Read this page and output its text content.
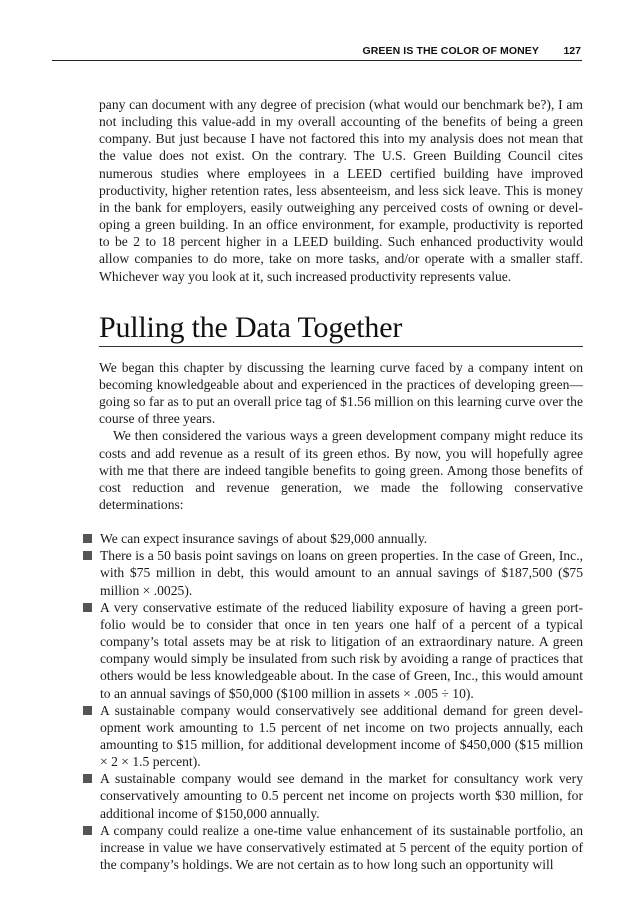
GREEN IS THE COLOR OF MONEY 127

pany can document with any degree of precision (what would our benchmark be?), I am not including this value-add in my overall accounting of the benefits of being a green company. But just because I have not factored this into my analysis does not mean that the value does not exist. On the contrary. The U.S. Green Building Council cites numerous studies where employees in a LEED certified building have improved productivity, higher retention rates, less absenteeism, and less sick leave. This is money in the bank for employers, easily outweighing any perceived costs of owning or developing a green building. In an office environment, for example, productivity is reported to be 2 to 18 percent higher in a LEED building. Such enhanced productivity would allow companies to do more, take on more tasks, and/or operate with a smaller staff. Whichever way you look at it, such increased productivity represents value.

Pulling the Data Together

We began this chapter by discussing the learning curve faced by a company intent on becoming knowledgeable about and experienced in the practices of developing green—going so far as to put an overall price tag of $1.56 million on this learning curve over the course of three years.

We then considered the various ways a green development company might reduce its costs and add revenue as a result of its green ethos. By now, you will hopefully agree with me that there are indeed tangible benefits to going green. Among those benefits of cost reduction and revenue generation, we made the following conservative determinations:

We can expect insurance savings of about $29,000 annually.
There is a 50 basis point savings on loans on green properties. In the case of Green, Inc., with $75 million in debt, this would amount to an annual savings of $187,500 ($75 million × .0025).
A very conservative estimate of the reduced liability exposure of having a green portfolio would be to consider that once in ten years one half of a percent of a typical company’s total assets may be at risk to litigation of an extraordinary nature. A green company would simply be insulated from such risk by avoiding a range of practices that others would be less knowledgeable about. In the case of Green, Inc., this would amount to an annual savings of $50,000 ($100 million in assets × .005 ÷ 10).
A sustainable company would conservatively see additional demand for green development work amounting to 1.5 percent of net income on two projects annually, each amounting to $15 million, for additional development income of $450,000 ($15 million × 2 × 1.5 percent).
A sustainable company would see demand in the market for consultancy work very conservatively amounting to 0.5 percent net income on projects worth $30 million, for additional income of $150,000 annually.
A company could realize a one-time value enhancement of its sustainable portfolio, an increase in value we have conservatively estimated at 5 percent of the equity portion of the company’s holdings. We are not certain as to how long such an opportunity will
